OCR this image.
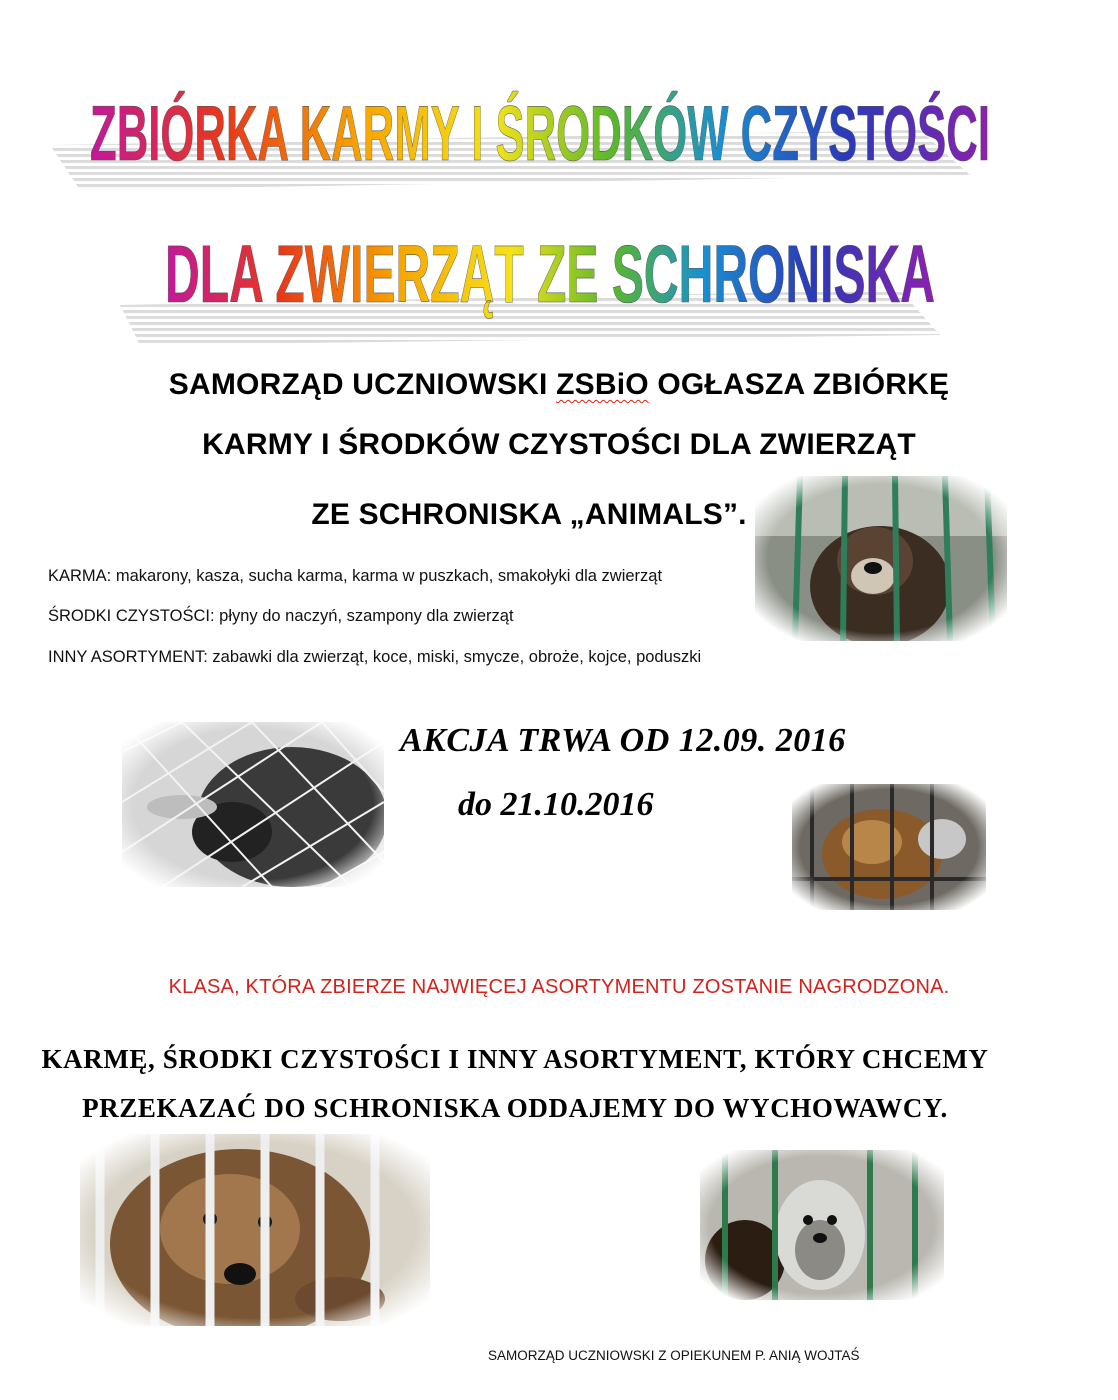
ZBIÓRKA KARMY I ŚRODKÓW CZYSTOŚCI
DLA ZWIERZĄT ZE SCHRONISKA
SAMORZĄD UCZNIOWSKI ZSBiO OGŁASZA ZBIÓRKĘ
KARMY I ŚRODKÓW CZYSTOŚCI DLA ZWIERZĄT
ZE SCHRONISKA „ANIMALS”.
KARMA: makarony, kasza, sucha karma, karma w puszkach, smakołyki dla zwierząt
ŚRODKI CZYSTOŚCI: płyny do naczyń, szampony dla zwierząt
INNY ASORTYMENT: zabawki dla zwierząt, koce, miski, smycze, obroże, kojce, poduszki
AKCJA TRWA OD 12.09. 2016
do 21.10.2016
KLASA, KTÓRA ZBIERZE NAJWIĘCEJ ASORTYMENTU ZOSTANIE NAGRODZONA.
KARMĘ, ŚRODKI CZYSTOŚCI I INNY ASORTYMENT, KTÓRY CHCEMY
PRZEKAZAĆ DO SCHRONISKA ODDAJEMY DO WYCHOWAWCY.
SAMORZĄD UCZNIOWSKI Z OPIEKUNEM P. ANIĄ WOJTAŚ
